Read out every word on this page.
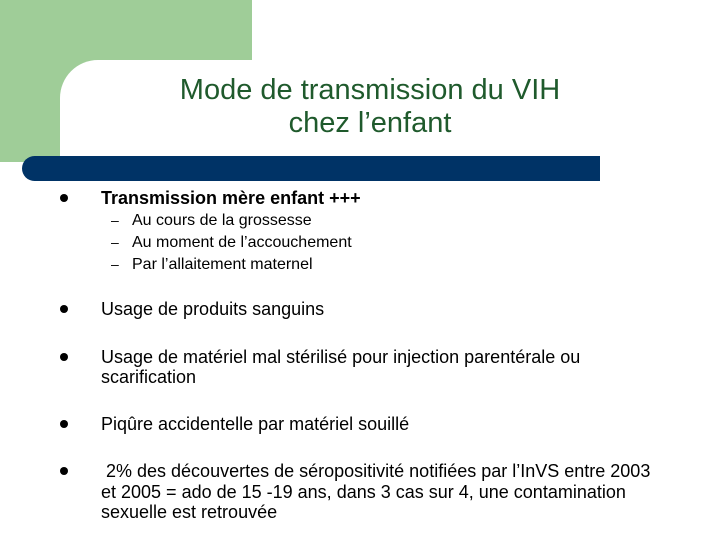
Mode de transmission du VIH
chez l’enfant
Transmission mère enfant +++
– Au cours de la grossesse
– Au moment de l’accouchement
– Par l’allaitement maternel
Usage de produits sanguins
Usage de matériel mal stérilisé pour injection parentérale ou
scarification
Piqûre accidentelle par matériel souillé
2% des découvertes de séropositivité notifiées par l’InVS entre 2003
et 2005 = ado de 15 -19 ans, dans 3 cas sur 4, une contamination
sexuelle est retrouvée
